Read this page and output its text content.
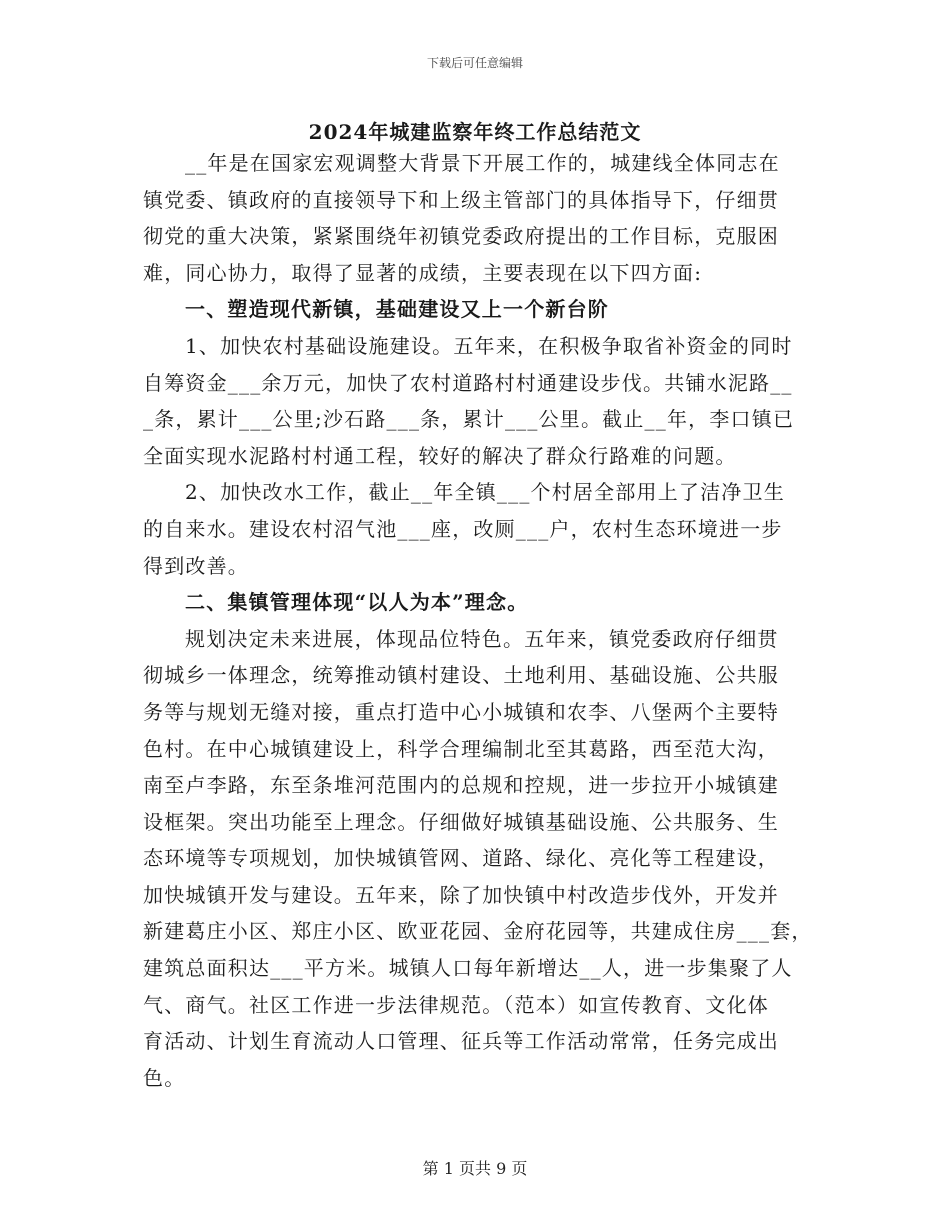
下载后可任意编辑
2024年城建监察年终工作总结范文
__年是在国家宏观调整大背景下开展工作的，城建线全体同志在
镇党委、镇政府的直接领导下和上级主管部门的具体指导下，仔细贯
彻党的重大决策，紧紧围绕年初镇党委政府提出的工作目标，克服困
难，同心协力，取得了显著的成绩，主要表现在以下四方面:
一、塑造现代新镇，基础建设又上一个新台阶
1、加快农村基础设施建设。五年来，在积极争取省补资金的同时
自筹资金___余万元，加快了农村道路村村通建设步伐。共铺水泥路__
_条，累计___公里;沙石路___条，累计___公里。截止__年，李口镇已
全面实现水泥路村村通工程，较好的解决了群众行路难的问题。
2、加快改水工作，截止__年全镇___个村居全部用上了洁净卫生
的自来水。建设农村沼气池___座，改厕___户，农村生态环境进一步
得到改善。
二、集镇管理体现“以人为本”理念。
规划决定未来进展，体现品位特色。五年来，镇党委政府仔细贯
彻城乡一体理念，统筹推动镇村建设、土地利用、基础设施、公共服
务等与规划无缝对接，重点打造中心小城镇和农李、八堡两个主要特
色村。在中心城镇建设上，科学合理编制北至其葛路，西至范大沟，
南至卢李路，东至条堆河范围内的总规和控规，进一步拉开小城镇建
设框架。突出功能至上理念。仔细做好城镇基础设施、公共服务、生
态环境等专项规划，加快城镇管网、道路、绿化、亮化等工程建设，
加快城镇开发与建设。五年来，除了加快镇中村改造步伐外，开发并
新建葛庄小区、郑庄小区、欧亚花园、金府花园等，共建成住房___套，
建筑总面积达___平方米。城镇人口每年新增达__人，进一步集聚了人
气、商气。社区工作进一步法律规范。（范本）如宣传教育、文化体
育活动、计划生育流动人口管理、征兵等工作活动常常，任务完成出
色。
第 1 页共 9 页
